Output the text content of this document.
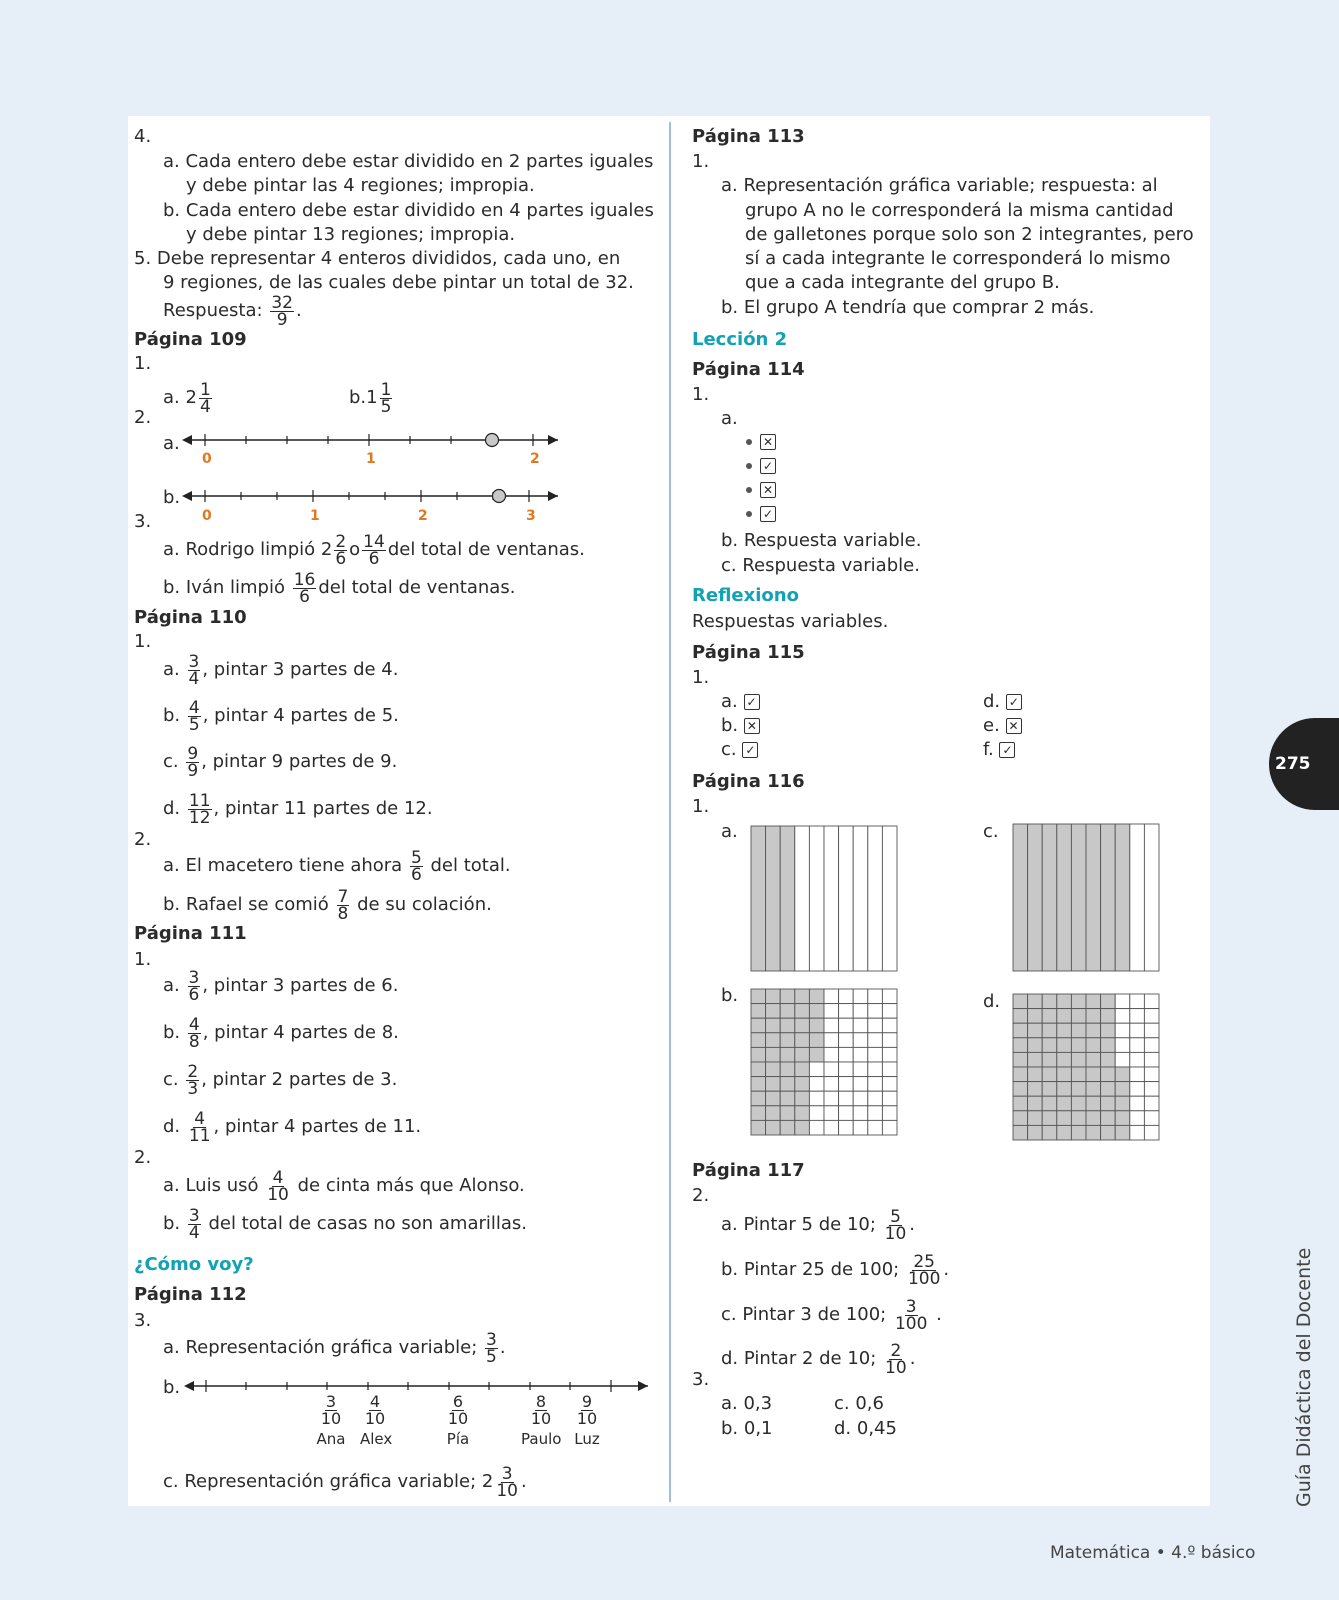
4.
a. Cada entero debe estar dividido en 2 partes iguales
y debe pintar las 4 regiones; impropia.
b. Cada entero debe estar dividido en 4 partes iguales
y debe pintar 13 regiones; impropia.
5. Debe representar 4 enteros divididos, cada uno, en
9 regiones, de las cuales debe pintar un total de 32.
Respuesta:
$\frac{32}{9}$ .
Página 109
1.
a. $2 \frac{1}{4}$	$b.1 \frac{1}{5}$
2.
a.
0	1	2
b.
0	1	2	3
3.
a. Rodrigo limpió $2 \frac{2}{6}$ o $\frac{14}{6}$ del total de ventanas.
b. Iván limpió
$\frac{16}{6}$ del total de ventanas.
Página 110
1.
a.
$\frac{3}{4}$ , pintar 3 partes de 4.
b.
$\frac{4}{5}$ , pintar 4 partes de 5.
c.
$\frac{9}{9}$ , pintar 9 partes de 9.
d.
$\frac{11}{12}$ , pintar 11 partes de 12.
2.
a. El macetero tiene ahora
$\frac{5}{6}$
del total.
b. Rafael se comió
$\frac{7}{8}$
de su colación.
Página 111
1.
a.
$\frac{3}{6}$ , pintar 3 partes de 6.
b.
$\frac{4}{8}$ , pintar 4 partes de 8.
c.
$\frac{2}{3}$ , pintar 2 partes de 3.
d.
$\frac{4}{11}$ , pintar 4 partes de 11.
2.
a. Luis usó
$\frac{4}{10}$
de cinta más que Alonso.
b.
$\frac{3}{4}$
del total de casas no son amarillas.
¿Cómo voy?
Página 112
3.
a. Representación gráfica variable;
$\frac{3}{5}$ .
b.
$\frac{3}{10}$
Ana
$\frac{4}{10}$
Alex
$\frac{6}{10}$
Pía
$\frac{8}{10}$
Paulo
$\frac{9}{10}$
Luz
c. Representación gráfica variable; $2 \frac{3}{10}$ .
Página 113
1.
a. Representación gráfica variable; respuesta: al
grupo A no le corresponderá la misma cantidad
de galletones porque solo son 2 integrantes, pero
sí a cada integrante le corresponderá lo mismo
que a cada integrante del grupo B.
b. El grupo A tendría que comprar 2 más.
Lección 2
Página 114
1.
a.
✕
✓
✕
✓
b. Respuesta variable.
c. Respuesta variable.
Reflexiono
Respuestas variables.
Página 115
1.
a. ✓
b. ✕
c. ✓
d. ✓
e. ✕
f. ✓
Página 116
1.
a.	c.
b.	d.
Página 117
2.
a. Pintar 5 de 10;
$\frac{5}{10}$ .
b. Pintar 25 de 100;
$\frac{25}{100}$ .
c. Pintar 3 de 100;
$\frac{3}{100}$ .
d. Pintar 2 de 10;
$\frac{2}{10}$ .
3.
a. 0,3	c. 0,6
b. 0,1	d. 0,45
275
Guía Didáctica del Docente
Matemática • 4.º básico
